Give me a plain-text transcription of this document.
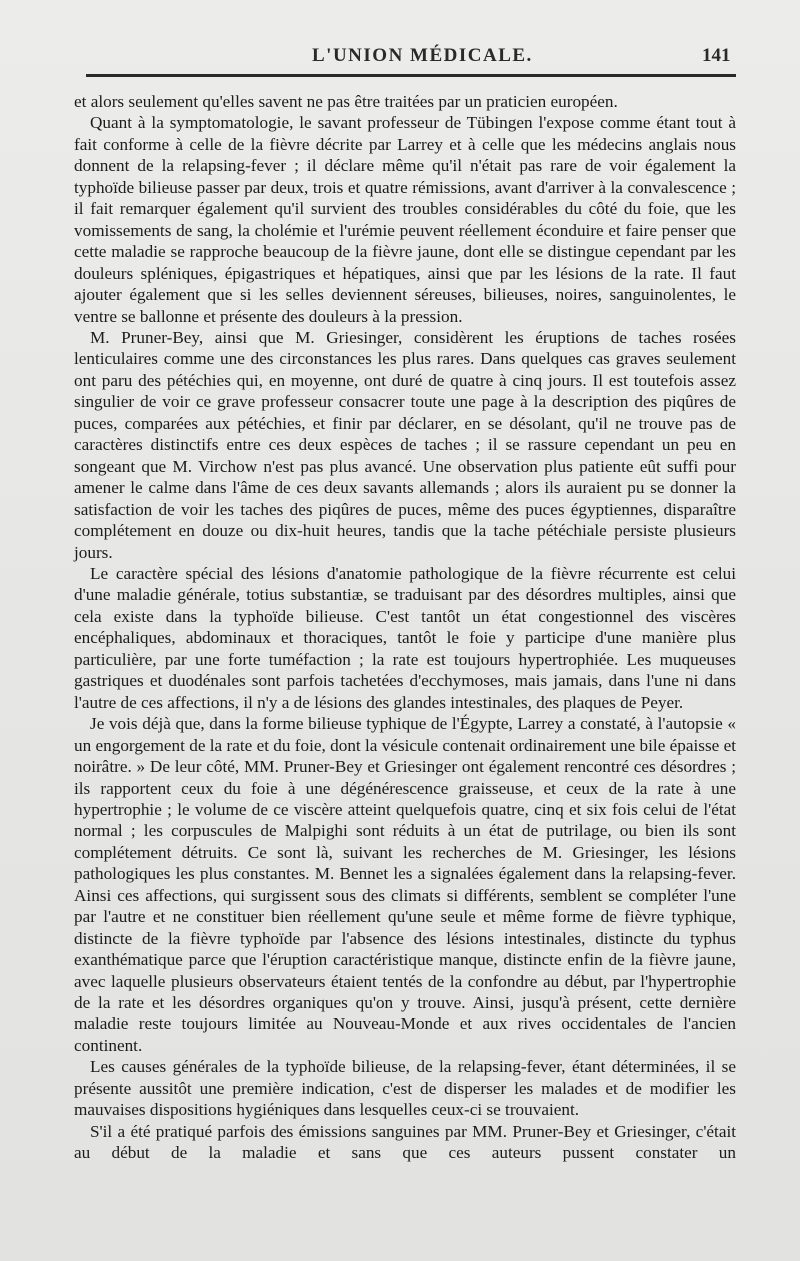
L'UNION MÉDICALE.	141

et alors seulement qu'elles savent ne pas être traitées par un praticien européen.

Quant à la symptomatologie, le savant professeur de Tübingen l'expose comme étant tout à fait conforme à celle de la fièvre décrite par Larrey et à celle que les médecins anglais nous donnent de la relapsing-fever ; il déclare même qu'il n'était pas rare de voir également la typhoïde bilieuse passer par deux, trois et quatre rémissions, avant d'arriver à la convalescence ; il fait remarquer également qu'il survient des troubles considérables du côté du foie, que les vomissements de sang, la cholémie et l'urémie peuvent réellement éconduire et faire penser que cette maladie se rapproche beaucoup de la fièvre jaune, dont elle se distingue cependant par les douleurs spléniques, épigastriques et hépatiques, ainsi que par les lésions de la rate. Il faut ajouter également que si les selles deviennent séreuses, bilieuses, noires, sanguinolentes, le ventre se ballonne et présente des douleurs à la pression.

M. Pruner-Bey, ainsi que M. Griesinger, considèrent les éruptions de taches rosées lenticulaires comme une des circonstances les plus rares. Dans quelques cas graves seulement ont paru des pétéchies qui, en moyenne, ont duré de quatre à cinq jours. Il est toutefois assez singulier de voir ce grave professeur consacrer toute une page à la description des piqûres de puces, comparées aux pétéchies, et finir par déclarer, en se désolant, qu'il ne trouve pas de caractères distinctifs entre ces deux espèces de taches ; il se rassure cependant un peu en songeant que M. Virchow n'est pas plus avancé. Une observation plus patiente eût suffi pour amener le calme dans l'âme de ces deux savants allemands ; alors ils auraient pu se donner la satisfaction de voir les taches des piqûres de puces, même des puces égyptiennes, disparaître complétement en douze ou dix-huit heures, tandis que la tache pétéchiale persiste plusieurs jours.

Le caractère spécial des lésions d'anatomie pathologique de la fièvre récurrente est celui d'une maladie générale, totius substantiæ, se traduisant par des désordres multiples, ainsi que cela existe dans la typhoïde bilieuse. C'est tantôt un état congestionnel des viscères encéphaliques, abdominaux et thoraciques, tantôt le foie y participe d'une manière plus particulière, par une forte tuméfaction ; la rate est toujours hypertrophiée. Les muqueuses gastriques et duodénales sont parfois tachetées d'ecchymoses, mais jamais, dans l'une ni dans l'autre de ces affections, il n'y a de lésions des glandes intestinales, des plaques de Peyer.

Je vois déjà que, dans la forme bilieuse typhique de l'Égypte, Larrey a constaté, à l'autopsie « un engorgement de la rate et du foie, dont la vésicule contenait ordinairement une bile épaisse et noirâtre. » De leur côté, MM. Pruner-Bey et Griesinger ont également rencontré ces désordres ; ils rapportent ceux du foie à une dégénérescence graisseuse, et ceux de la rate à une hypertrophie ; le volume de ce viscère atteint quelquefois quatre, cinq et six fois celui de l'état normal ; les corpuscules de Malpighi sont réduits à un état de putrilage, ou bien ils sont complétement détruits. Ce sont là, suivant les recherches de M. Griesinger, les lésions pathologiques les plus constantes. M. Bennet les a signalées également dans la relapsing-fever. Ainsi ces affections, qui surgissent sous des climats si différents, semblent se compléter l'une par l'autre et ne constituer bien réellement qu'une seule et même forme de fièvre typhique, distincte de la fièvre typhoïde par l'absence des lésions intestinales, distincte du typhus exanthématique parce que l'éruption caractéristique manque, distincte enfin de la fièvre jaune, avec laquelle plusieurs observateurs étaient tentés de la confondre au début, par l'hypertrophie de la rate et les désordres organiques qu'on y trouve. Ainsi, jusqu'à présent, cette dernière maladie reste toujours limitée au Nouveau-Monde et aux rives occidentales de l'ancien continent.

Les causes générales de la typhoïde bilieuse, de la relapsing-fever, étant déterminées, il se présente aussitôt une première indication, c'est de disperser les malades et de modifier les mauvaises dispositions hygiéniques dans lesquelles ceux-ci se trouvaient.

S'il a été pratiqué parfois des émissions sanguines par MM. Pruner-Bey et Griesinger, c'était au début de la maladie et sans que ces auteurs pussent constater un
